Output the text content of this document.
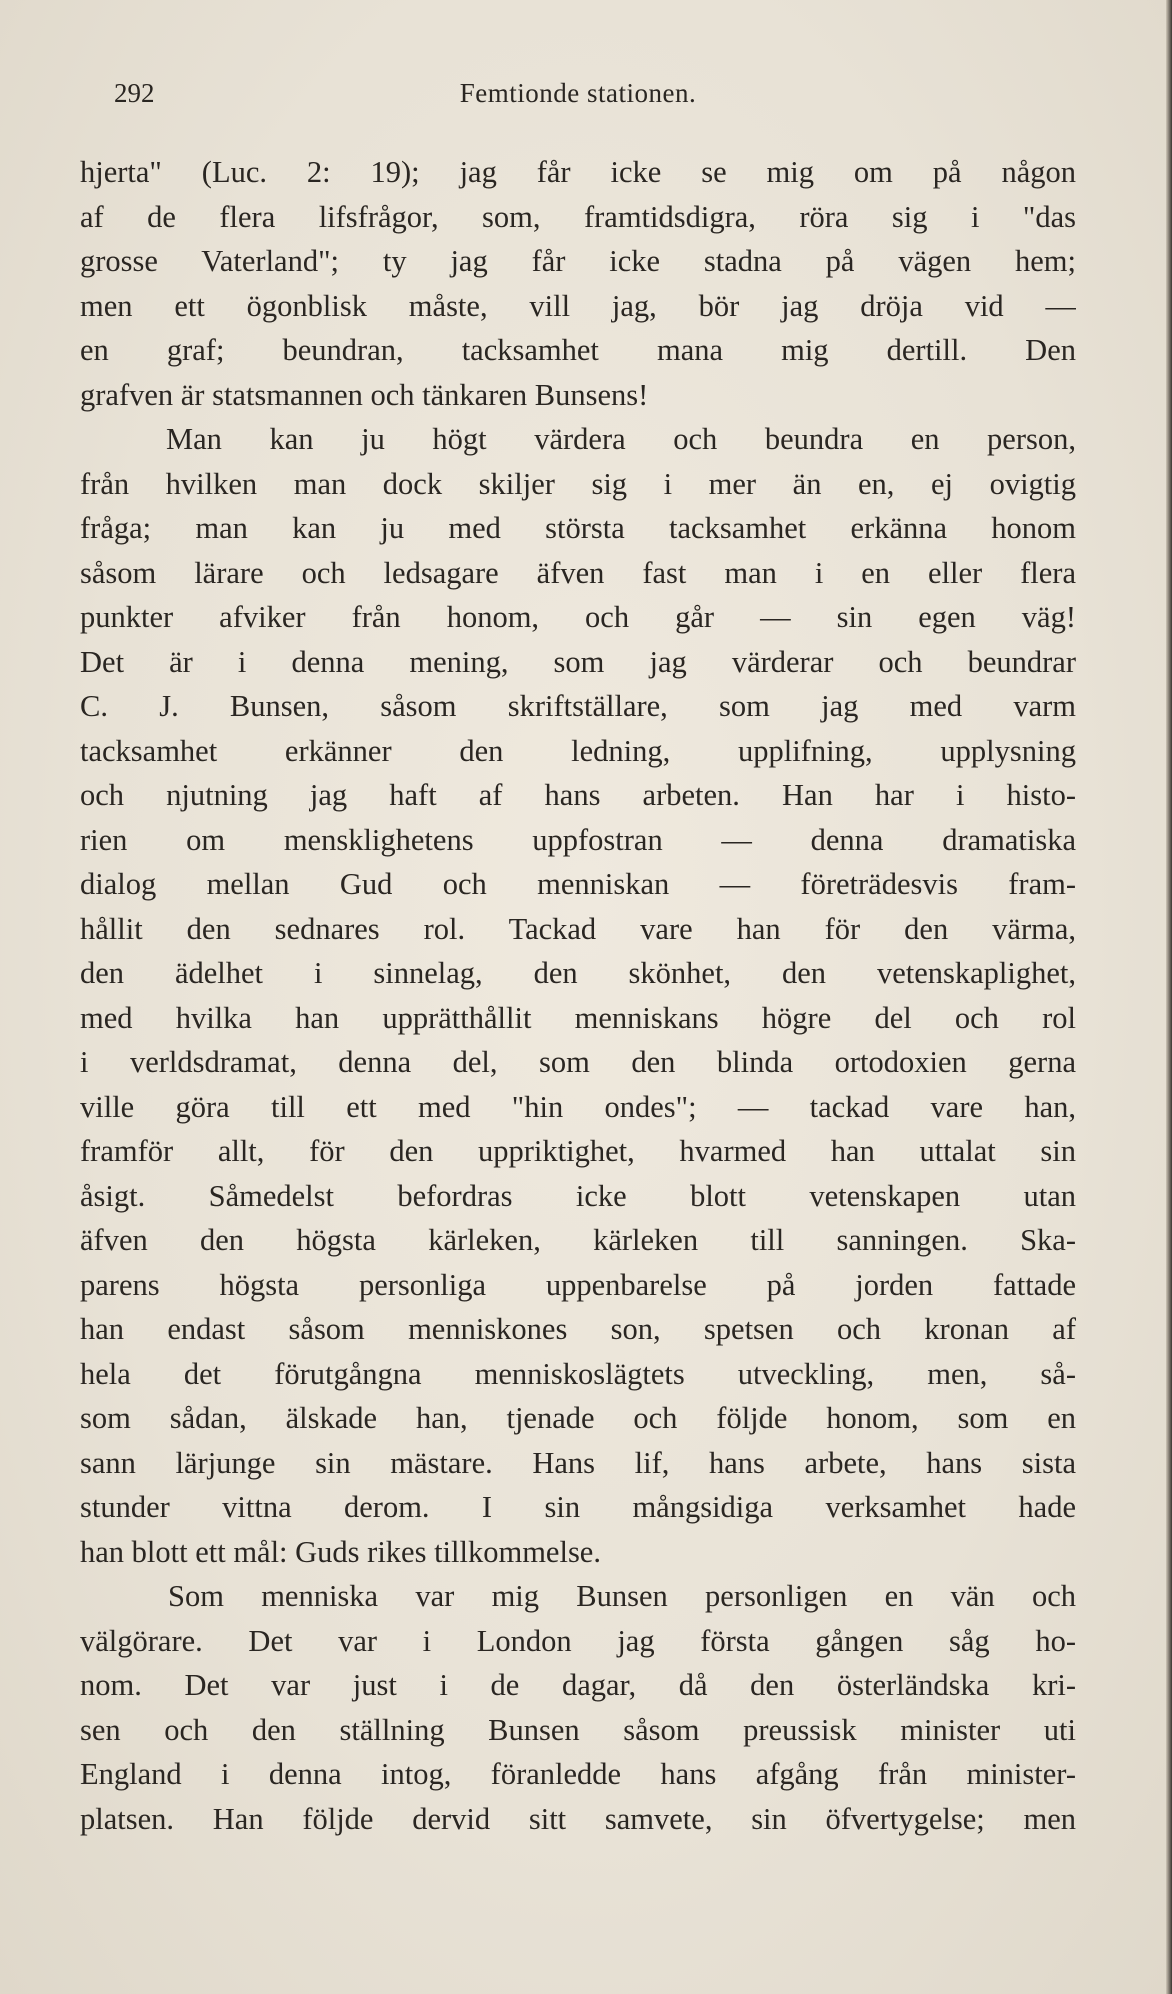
292	Femtionde stationen.
hjerta" (Luc. 2: 19); jag får icke se mig om på någon
af de flera lifsfrågor, som, framtidsdigra, röra sig i "das
grosse Vaterland"; ty jag får icke stadna på vägen hem;
men ett ögonblisk måste, vill jag, bör jag dröja vid —
en graf; beundran, tacksamhet mana mig dertill. Den
grafven är statsmannen och tänkaren Bunsens!
Man kan ju högt värdera och beundra en person,
från hvilken man dock skiljer sig i mer än en, ej ovigtig
fråga; man kan ju med största tacksamhet erkänna honom
såsom lärare och ledsagare äfven fast man i en eller flera
punkter afviker från honom, och går — sin egen väg!
Det är i denna mening, som jag värderar och beundrar
C. J. Bunsen, såsom skriftställare, som jag med varm
tacksamhet erkänner den ledning, upplifning, upplysning
och njutning jag haft af hans arbeten. Han har i histo-
rien om mensklighetens uppfostran — denna dramatiska
dialog mellan Gud och menniskan — företrädesvis fram-
hållit den sednares rol. Tackad vare han för den värma,
den ädelhet i sinnelag, den skönhet, den vetenskaplighet,
med hvilka han upprätthållit menniskans högre del och rol
i verldsdramat, denna del, som den blinda ortodoxien gerna
ville göra till ett med "hin ondes"; — tackad vare han,
framför allt, för den uppriktighet, hvarmed han uttalat sin
åsigt. Såmedelst befordras icke blott vetenskapen utan
äfven den högsta kärleken, kärleken till sanningen. Ska-
parens högsta personliga uppenbarelse på jorden fattade
han endast såsom menniskones son, spetsen och kronan af
hela det förutgångna menniskoslägtets utveckling, men, så-
som sådan, älskade han, tjenade och följde honom, som en
sann lärjunge sin mästare. Hans lif, hans arbete, hans sista
stunder vittna derom. I sin mångsidiga verksamhet hade
han blott ett mål: Guds rikes tillkommelse.
Som menniska var mig Bunsen personligen en vän och
välgörare. Det var i London jag första gången såg ho-
nom. Det var just i de dagar, då den österländska kri-
sen och den ställning Bunsen såsom preussisk minister uti
England i denna intog, föranledde hans afgång från minister-
platsen. Han följde dervid sitt samvete, sin öfvertygelse; men
